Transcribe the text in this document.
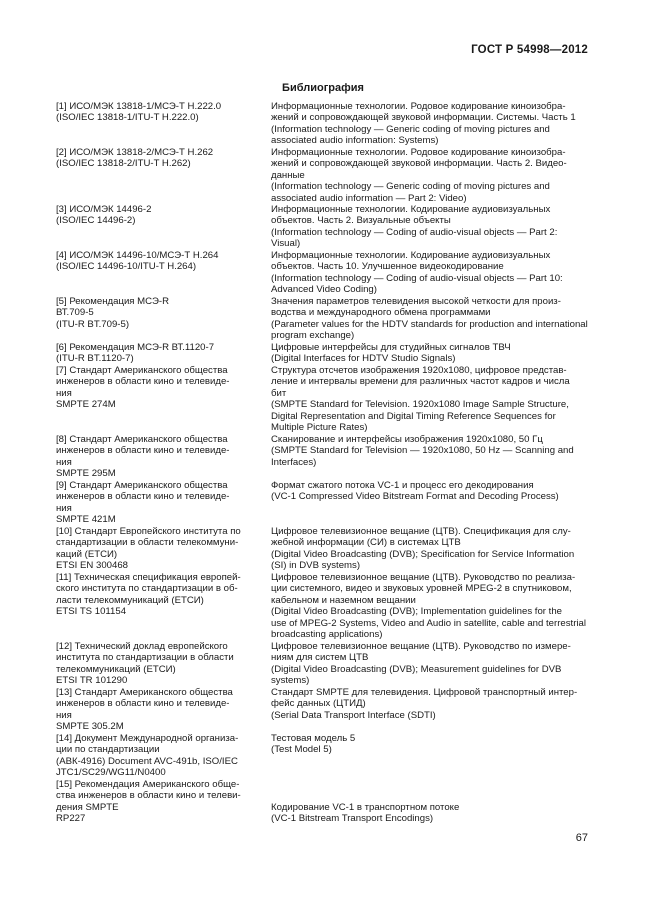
ГОСТ Р 54998—2012
Библиография
[1] ИСО/МЭК 13818-1/МСЭ-Т Н.222.0
(ISO/IEC 13818-1/ITU-T H.222.0)
Информационные технологии. Родовое кодирование киноизобра-
жений и сопровождающей звуковой информации. Системы. Часть 1
(Information technology — Generic coding of moving pictures and
associated audio information: Systems)
[2] ИСО/МЭК 13818-2/МСЭ-Т Н.262
(ISO/IEC 13818-2/ITU-T H.262)
Информационные технологии. Родовое кодирование киноизобра-
жений и сопровождающей звуковой информации. Часть 2. Видео-
данные
(Information technology — Generic coding of moving pictures and
associated audio information — Part 2: Video)
[3] ИСО/МЭК 14496-2
(ISO/IEC 14496-2)
Информационные технологии. Кодирование аудиовизуальных
объектов. Часть 2. Визуальные объекты
(Information technology — Coding of audio-visual objects — Part 2:
Visual)
[4] ИСО/МЭК 14496-10/МСЭ-Т Н.264
(ISO/IEC 14496-10/ITU-T H.264)
Информационные технологии. Кодирование аудиовизуальных
объектов. Часть 10. Улучшенное видеокодирование
(Information technology — Coding of audio-visual objects — Part 10:
Advanced Video Coding)
[5] Рекомендация МСЭ-R
ВТ.709-5
(ITU-R BT.709-5)
Значения параметров телевидения высокой четкости для произ-
водства и международного обмена программами
(Parameter values for the HDTV standards for production and international
program exchange)
[6] Рекомендация МСЭ-R ВТ.1120-7
(ITU-R BT.1120-7)
Цифровые интерфейсы для студийных сигналов ТВЧ
(Digital Interfaces for HDTV Studio Signals)
[7] Стандарт Американского общества
инженеров в области кино и телевиде-
ния
SMPTE 274M
Структура отсчетов изображения 1920x1080, цифровое представ-
ление и интервалы времени для различных частот кадров и числа
бит
(SMPTE Standard for Television. 1920x1080 Image Sample Structure,
Digital Representation and Digital Timing Reference Sequences for
Multiple Picture Rates)
[8] Стандарт Американского общества
инженеров в области кино и телевиде-
ния
SMPTE 295M
Сканирование и интерфейсы изображения 1920x1080, 50 Гц
(SMPTE Standard for Television — 1920x1080, 50 Hz — Scanning and
Interfaces)
[9] Стандарт Американского общества
инженеров в области кино и телевиде-
ния
SMPTE 421M
Формат сжатого потока VC-1 и процесс его декодирования
(VC-1 Compressed Video Bitstream Format and Decoding Process)
[10] Стандарт Европейского института по
стандартизации в области телекоммуни-
каций (ЕТСИ)
ETSI EN 300468
Цифровое телевизионное вещание (ЦТВ). Спецификация для слу-
жебной информации (СИ) в системах ЦТВ
(Digital Video Broadcasting (DVB); Specification for Service Information
(SI) in DVB systems)
[11] Техническая спецификация европей-
ского института по стандартизации в об-
ласти телекоммуникаций (ЕТСИ)
ETSI TS 101154
Цифровое телевизионное вещание (ЦТВ). Руководство по реализа-
ции системного, видео и звуковых уровней MPEG-2 в спутниковом,
кабельном и наземном вещании
(Digital Video Broadcasting (DVB); Implementation guidelines for the
use of MPEG-2 Systems, Video and Audio in satellite, cable and terrestrial
broadcasting applications)
[12] Технический доклад европейского
института по стандартизации в области
телекоммуникаций (ЕТСИ)
ETSI TR 101290
Цифровое телевизионное вещание (ЦТВ). Руководство по измере-
ниям для систем ЦТВ
(Digital Video Broadcasting (DVB); Measurement guidelines for DVB
systems)
[13] Стандарт Американского общества
инженеров в области кино и телевиде-
ния
SMPTE 305.2M
Стандарт SMPTE для телевидения. Цифровой транспортный интер-
фейс данных (ЦТИД)
(Serial Data Transport Interface (SDTI)
[14] Документ Международной организа-
ции по стандартизации
(АВК-4916) Document AVC-491b, ISO/IEC
JTC1/SC29/WG11/N0400
Тестовая модель 5
(Test Model 5)
[15] Рекомендация Американского обще-
ства инженеров в области кино и телеви-
дения SMPTE
RP227
Кодирование VC-1 в транспортном потоке
(VC-1 Bitstream Transport Encodings)
67
